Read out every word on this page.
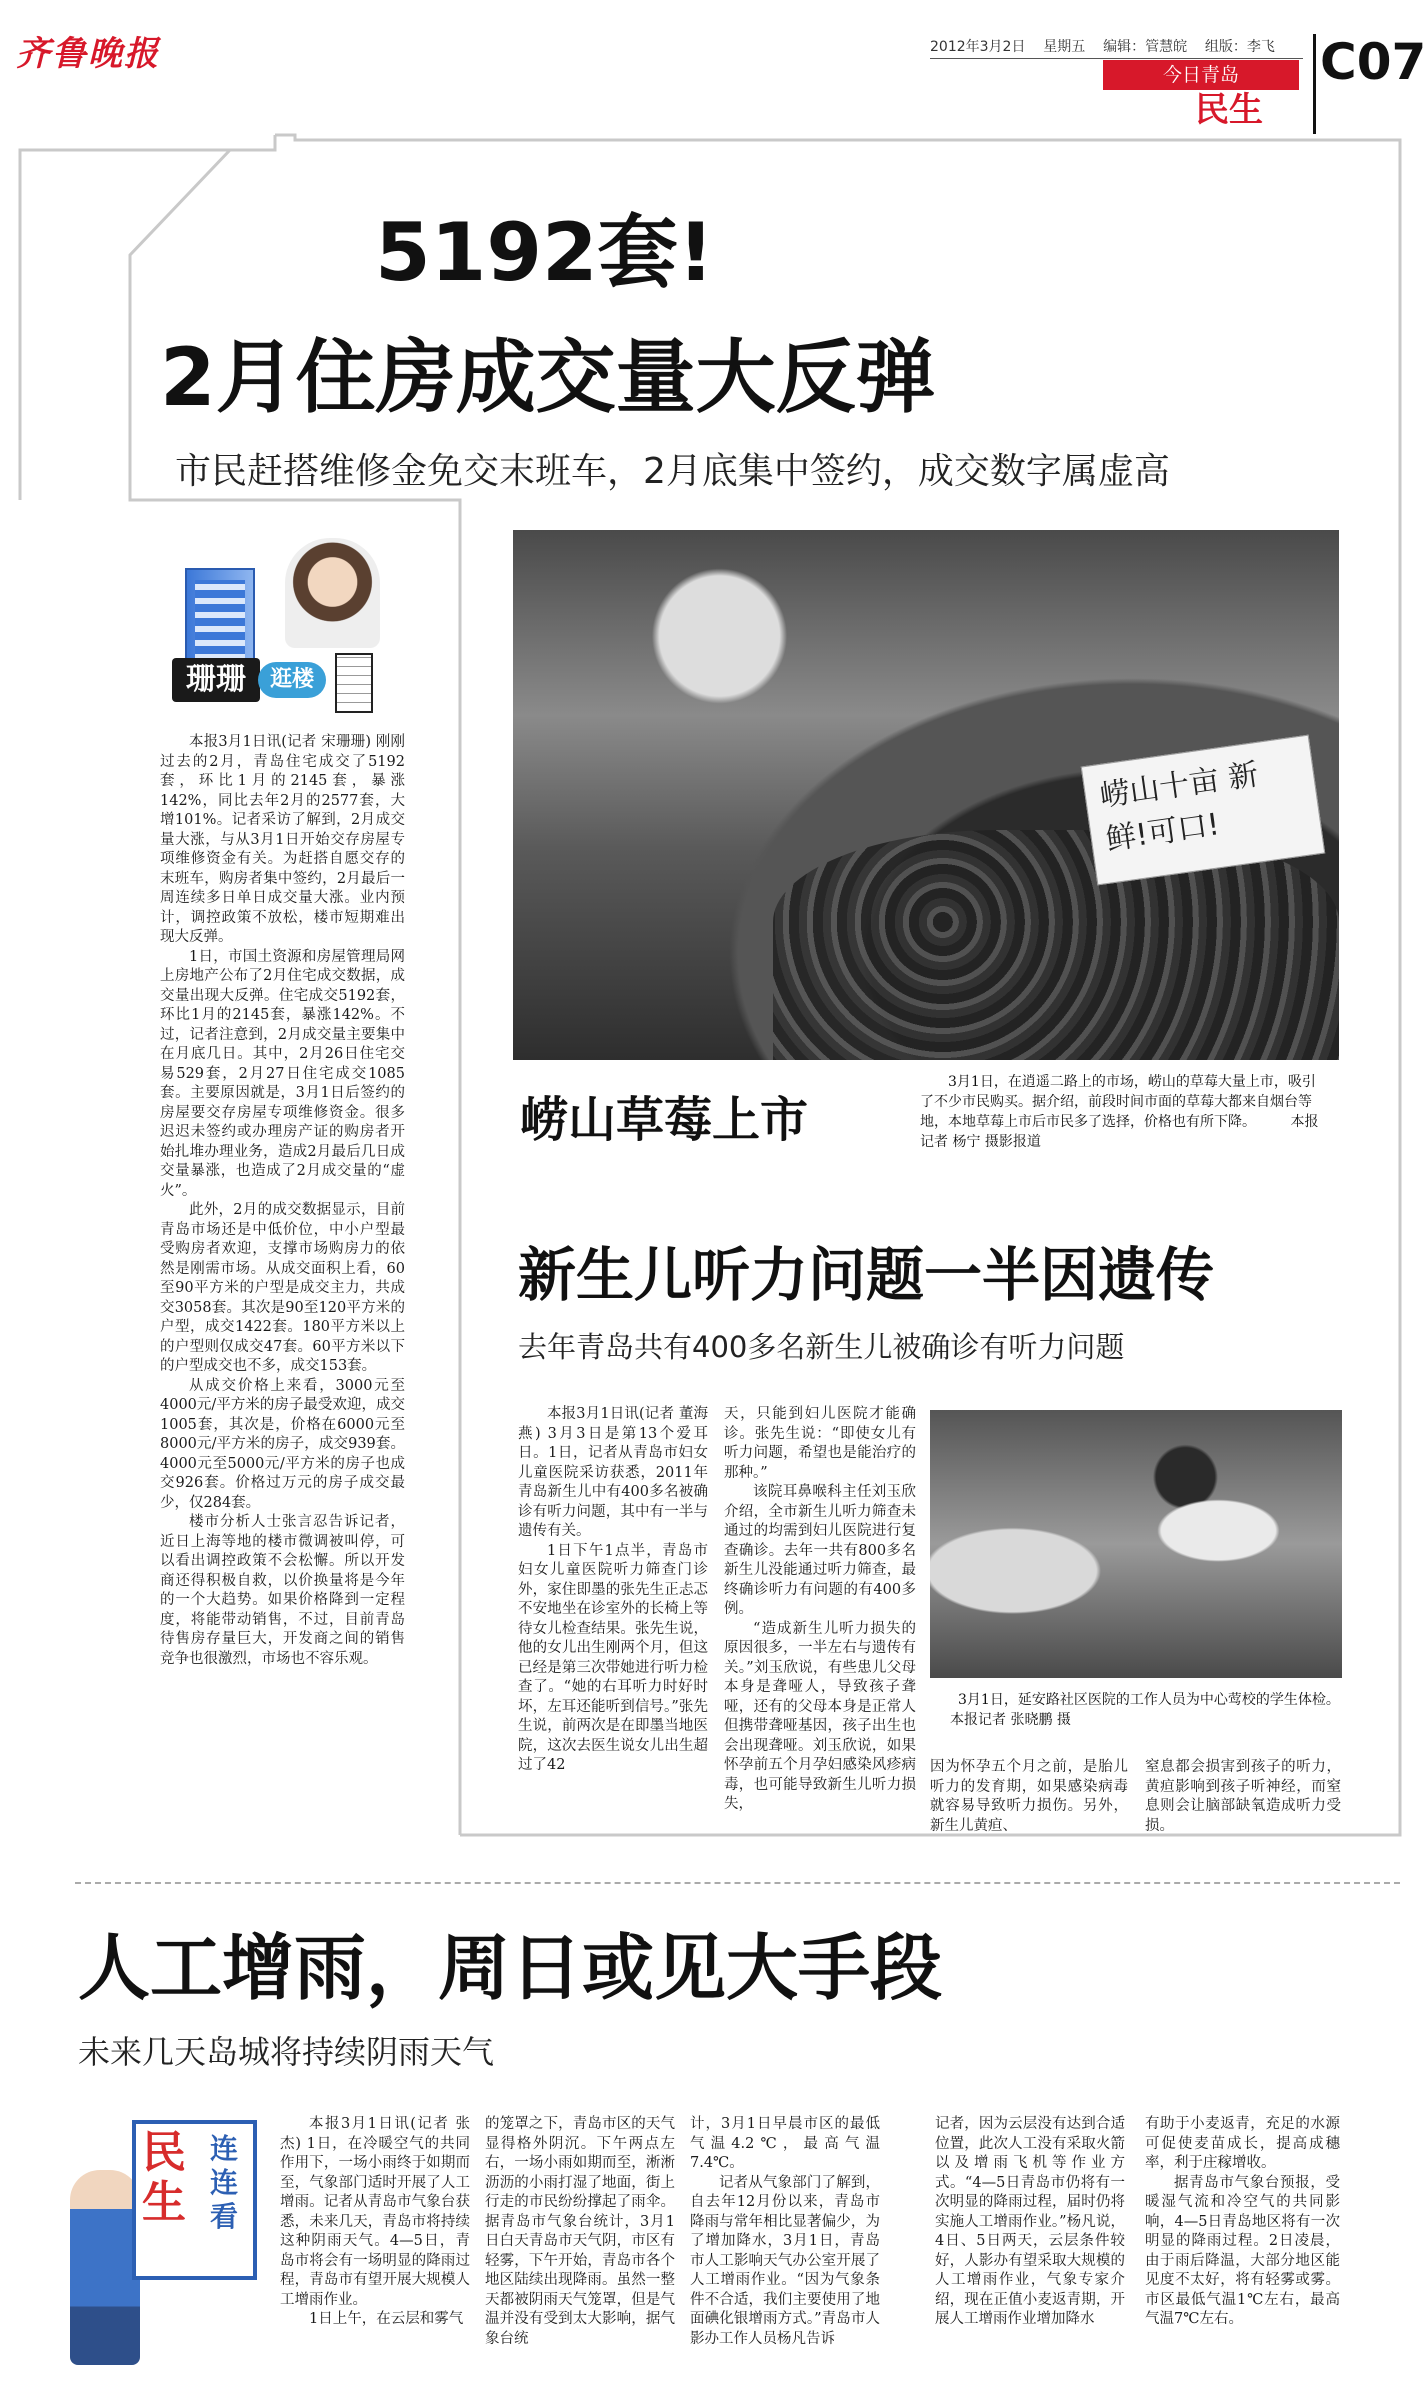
齐鲁晚报	2012年3月2日 星期五 编辑：管慧皖 组版：李飞
今日青岛
民生
C07
5192套!
2月住房成交量大反弹
市民赶搭维修金免交末班车，2月底集中签约，成交数字属虚高
珊珊	逛楼

本报3月1日讯(记者 宋珊珊) 刚刚过去的2月，青岛住宅成交了5192套，环比1月的2145套，暴涨142%，同比去年2月的2577套，大增101%。记者采访了解到，2月成交量大涨，与从3月1日开始交存房屋专项维修资金有关。为赶搭自愿交存的末班车，购房者集中签约，2月最后一周连续多日单日成交量大涨。业内预计，调控政策不放松，楼市短期难出现大反弹。

1日，市国土资源和房屋管理局网上房地产公布了2月住宅成交数据，成交量出现大反弹。住宅成交5192套，环比1月的2145套，暴涨142%。不过，记者注意到，2月成交量主要集中在月底几日。其中，2月26日住宅交易529套，2月27日住宅成交1085套。主要原因就是，3月1日后签约的房屋要交存房屋专项维修资金。很多迟迟未签约或办理房产证的购房者开始扎堆办理业务，造成2月最后几日成交量暴涨，也造成了2月成交量的“虚火”。

此外，2月的成交数据显示，目前青岛市场还是中低价位，中小户型最受购房者欢迎，支撑市场购房力的依然是刚需市场。从成交面积上看，60至90平方米的户型是成交主力，共成交3058套。其次是90至120平方米的户型，成交1422套。180平方米以上的户型则仅成交47套。60平方米以下的户型成交也不多，成交153套。

从成交价格上来看，3000元至4000元/平方米的房子最受欢迎，成交1005套，其次是，价格在6000元至8000元/平方米的房子，成交939套。4000元至5000元/平方米的房子也成交926套。价格过万元的房子成交最少，仅284套。

楼市分析人士张言忍告诉记者，近日上海等地的楼市微调被叫停，可以看出调控政策不会松懈。所以开发商还得积极自救，以价换量将是今年的一个大趋势。如果价格降到一定程度，将能带动销售，不过，目前青岛待售房存量巨大，开发商之间的销售竞争也很激烈，市场也不容乐观。

崂山十亩 新鲜!可口!
崂山草莓上市
3月1日，在逍遥二路上的市场，崂山的草莓大量上市，吸引了不少市民购买。据介绍，前段时间市面的草莓大都来自烟台等地，本地草莓上市后市民多了选择，价格也有所下降。 本报记者 杨宁 摄影报道
新生儿听力问题一半因遗传
去年青岛共有400多名新生儿被确诊有听力问题

本报3月1日讯(记者 董海燕) 3月3日是第13个爱耳日。1日，记者从青岛市妇女儿童医院采访获悉，2011年青岛新生儿中有400多名被确诊有听力问题，其中有一半与遗传有关。

1日下午1点半，青岛市妇女儿童医院听力筛查门诊外，家住即墨的张先生正忐忑不安地坐在诊室外的长椅上等待女儿检查结果。张先生说，他的女儿出生刚两个月，但这已经是第三次带她进行听力检查了。“她的右耳听力时好时坏，左耳还能听到信号。”张先生说，前两次是在即墨当地医院，这次去医生说女儿出生超过了42

天，只能到妇儿医院才能确诊。张先生说：“即使女儿有听力问题，希望也是能治疗的那种。”

该院耳鼻喉科主任刘玉欣介绍，全市新生儿听力筛查未通过的均需到妇儿医院进行复查确诊。去年一共有800多名新生儿没能通过听力筛查，最终确诊听力有问题的有400多例。

“造成新生儿听力损失的原因很多，一半左右与遗传有关。”刘玉欣说，有些患儿父母本身是聋哑人，导致孩子聋哑，还有的父母本身是正常人但携带聋哑基因，孩子出生也会出现聋哑。刘玉欣说，如果怀孕前五个月孕妇感染风疹病毒，也可能导致新生儿听力损失，

3月1日，延安路社区医院的工作人员为中心莺校的学生体检。 本报记者 张晓鹏 摄

因为怀孕五个月之前，是胎儿听力的发育期，如果感染病毒就容易导致听力损伤。另外，新生儿黄疸、

窒息都会损害到孩子的听力，黄疸影响到孩子听神经，而窒息则会让脑部缺氧造成听力受损。

人工增雨，周日或见大手段
未来几天岛城将持续阴雨天气
民生
连连看

本报3月1日讯(记者 张杰) 1日，在冷暖空气的共同作用下，一场小雨终于如期而至，气象部门适时开展了人工增雨。记者从青岛市气象台获悉，未来几天，青岛市将持续这种阴雨天气。4—5日，青岛市将会有一场明显的降雨过程，青岛市有望开展大规模人工增雨作业。

1日上午，在云层和雾气

的笼罩之下，青岛市区的天气显得格外阴沉。下午两点左右，一场小雨如期而至，淅淅沥沥的小雨打湿了地面，街上行走的市民纷纷撑起了雨伞。据青岛市气象台统计，3月1日白天青岛市天气阴，市区有轻雾，下午开始，青岛市各个地区陆续出现降雨。虽然一整天都被阴雨天气笼罩，但是气温并没有受到太大影响，据气象台统

计，3月1日早晨市区的最低气温4.2℃，最高气温7.4℃。

记者从气象部门了解到，自去年12月份以来，青岛市降雨与常年相比显著偏少，为了增加降水，3月1日，青岛市人工影响天气办公室开展了人工增雨作业。“因为气象条件不合适，我们主要使用了地面碘化银增雨方式。”青岛市人影办工作人员杨凡告诉

记者，因为云层没有达到合适位置，此次人工没有采取火箭以及增雨飞机等作业方式。“4—5日青岛市仍将有一次明显的降雨过程，届时仍将实施人工增雨作业。”杨凡说，4日、5日两天，云层条件较好，人影办有望采取大规模的人工增雨作业，气象专家介绍，现在正值小麦返青期，开展人工增雨作业增加降水

有助于小麦返青，充足的水源可促使麦苗成长，提高成穗率，利于庄稼增收。

据青岛市气象台预报，受暖湿气流和冷空气的共同影响，4—5日青岛地区将有一次明显的降雨过程。2日凌晨，由于雨后降温，大部分地区能见度不太好，将有轻雾或雾。市区最低气温1℃左右，最高气温7℃左右。
